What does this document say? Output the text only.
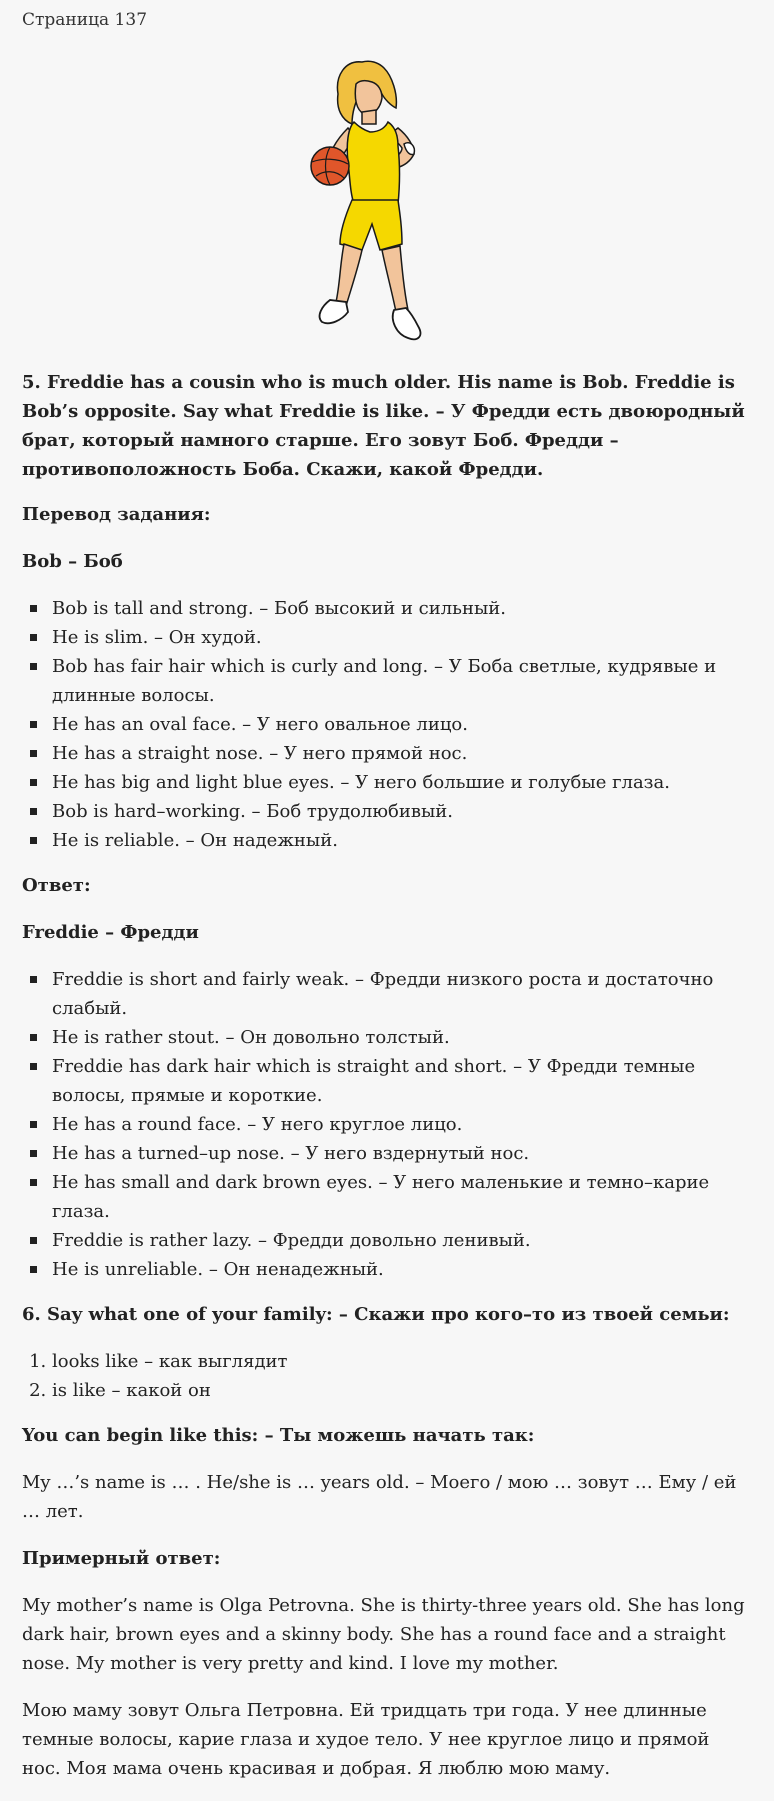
Страница 137

5. Freddie has a cousin who is much older. His name is Bob. Freddie is Bob’s opposite. Say what Freddie is like. – У Фредди есть двоюродный брат, который намного старше. Его зовут Боб. Фредди – противоположность Боба. Скажи, какой Фредди.

Перевод задания:

Bob – Боб

Bob is tall and strong. – Боб высокий и сильный.
He is slim. – Он худой.
Bob has fair hair which is curly and long. – У Боба светлые, кудрявые и длинные волосы.
He has an oval face. – У него овальное лицо.
He has a straight nose. – У него прямой нос.
He has big and light blue eyes. – У него большие и голубые глаза.
Bob is hard–working. – Боб трудолюбивый.
He is reliable. – Он надежный.

Ответ:

Freddie – Фредди

Freddie is short and fairly weak. – Фредди низкого роста и достаточно слабый.
He is rather stout. – Он довольно толстый.
Freddie has dark hair which is straight and short. – У Фредди темные волосы, прямые и короткие.
He has a round face. – У него круглое лицо.
He has a turned–up nose. – У него вздернутый нос.
He has small and dark brown eyes. – У него маленькие и темно–карие глаза.
Freddie is rather lazy. – Фредди довольно ленивый.
He is unreliable. – Он ненадежный.

6. Say what one of your family: – Скажи про кого–то из твоей семьи:

1. looks like – как выглядит
2. is like – какой он

You can begin like this: – Ты можешь начать так:

My …’s name is … . He/she is … years old. – Моего / мою … зовут … Ему / ей … лет.

Примерный ответ:

My mother’s name is Olga Petrovna. She is thirty-three years old. She has long dark hair, brown eyes and a skinny body. She has a round face and a straight nose. My mother is very pretty and kind. I love my mother.

Мою маму зовут Ольга Петровна. Ей тридцать три года. У нее длинные темные волосы, карие глаза и худое тело. У нее круглое лицо и прямой нос. Моя мама очень красивая и добрая. Я люблю мою маму.
